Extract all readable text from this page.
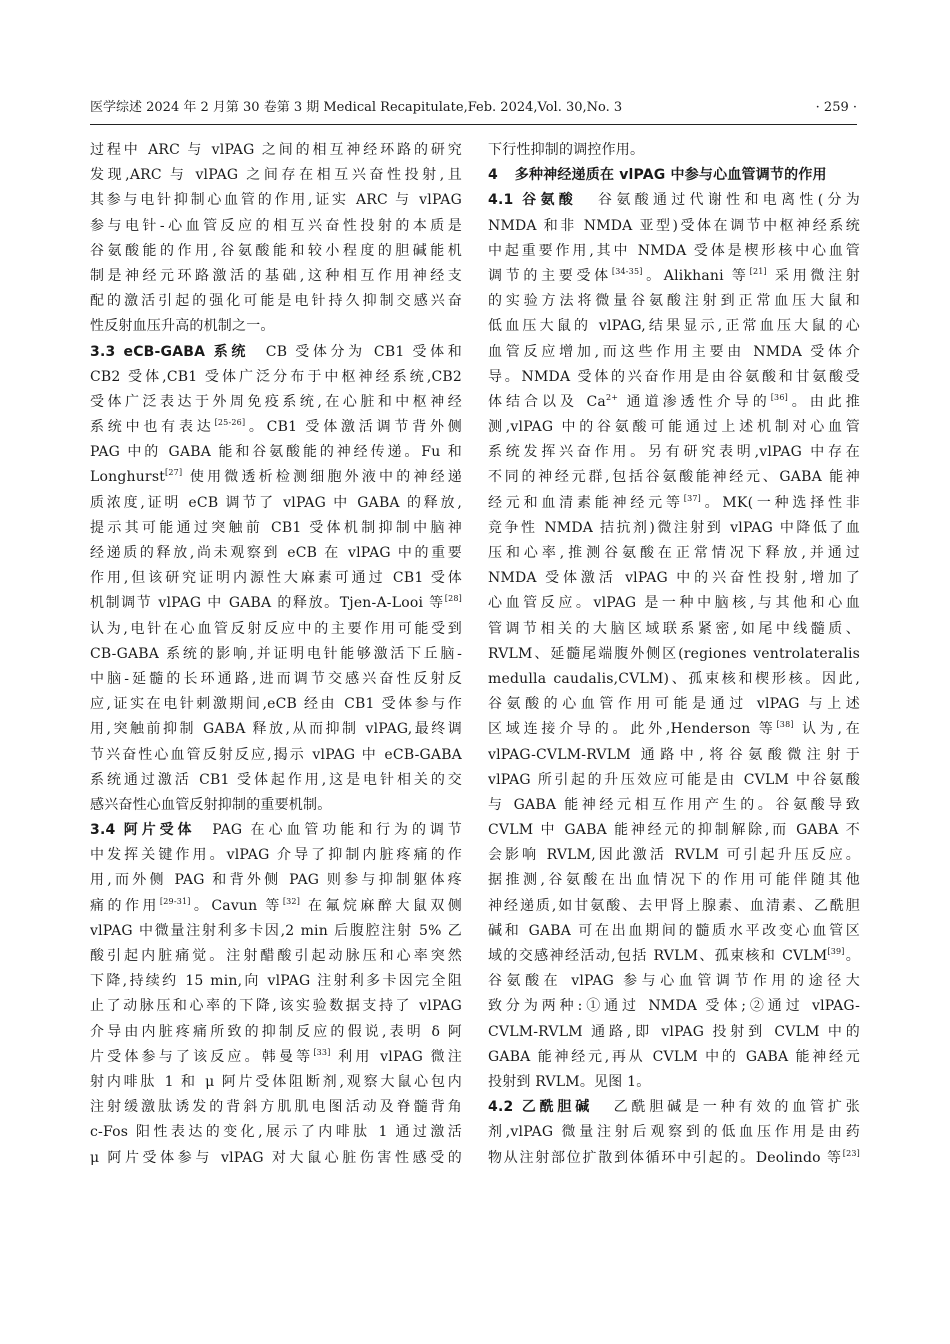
医学综述 2024 年 2 月第 30 卷第 3 期 Medical Recapitulate,Feb. 2024,Vol. 30,No. 3	· 259 ·
过程中 ARC 与 vlPAG 之间的相互神经环路的研究
发现,ARC 与 vlPAG 之间存在相互兴奋性投射,且
其参与电针抑制心血管的作用,证实 ARC 与 vlPAG
参与电针-心血管反应的相互兴奋性投射的本质是
谷氨酸能的作用,谷氨酸能和较小程度的胆碱能机
制是神经元环路激活的基础,这种相互作用神经支
配的激活引起的强化可能是电针持久抑制交感兴奋
性反射血压升高的机制之一。
3.3 eCB-GABA 系统 CB 受体分为 CB1 受体和
CB2 受体,CB1 受体广泛分布于中枢神经系统,CB2
受体广泛表达于外周免疫系统,在心脏和中枢神经
系统中也有表达[25-26]。CB1 受体激活调节背外侧
PAG 中的 GABA 能和谷氨酸能的神经传递。Fu 和
Longhurst[27] 使用微透析检测细胞外液中的神经递
质浓度,证明 eCB 调节了 vlPAG 中 GABA 的释放,
提示其可能通过突触前 CB1 受体机制抑制中脑神
经递质的释放,尚未观察到 eCB 在 vlPAG 中的重要
作用,但该研究证明内源性大麻素可通过 CB1 受体
机制调节 vlPAG 中 GABA 的释放。Tjen-A-Looi 等[28]
认为,电针在心血管反射反应中的主要作用可能受到
CB-GABA 系统的影响,并证明电针能够激活下丘脑-
中脑-延髓的长环通路,进而调节交感兴奋性反射反
应,证实在电针刺激期间,eCB 经由 CB1 受体参与作
用,突触前抑制 GABA 释放,从而抑制 vlPAG,最终调
节兴奋性心血管反射反应,揭示 vlPAG 中 eCB-GABA
系统通过激活 CB1 受体起作用,这是电针相关的交
感兴奋性心血管反射抑制的重要机制。
3.4 阿片受体 PAG 在心血管功能和行为的调节
中发挥关键作用。vlPAG 介导了抑制内脏疼痛的作
用,而外侧 PAG 和背外侧 PAG 则参与抑制躯体疼
痛的作用[29-31]。Cavun 等[32] 在氟烷麻醉大鼠双侧
vlPAG 中微量注射利多卡因,2 min 后腹腔注射 5% 乙
酸引起内脏痛觉。注射醋酸引起动脉压和心率突然
下降,持续约 15 min,向 vlPAG 注射利多卡因完全阻
止了动脉压和心率的下降,该实验数据支持了 vlPAG
介导由内脏疼痛所致的抑制反应的假说,表明 δ 阿
片受体参与了该反应。韩曼等[33] 利用 vlPAG 微注
射内啡肽 1 和 μ 阿片受体阻断剂,观察大鼠心包内
注射缓激肽诱发的背斜方肌肌电图活动及脊髓背角
c-Fos 阳性表达的变化,展示了内啡肽 1 通过激活
μ 阿片受体参与 vlPAG 对大鼠心脏伤害性感受的
下行性抑制的调控作用。
4 多种神经递质在 vlPAG 中参与心血管调节的作用
4.1 谷氨酸 谷氨酸通过代谢性和电离性(分为
NMDA 和非 NMDA 亚型)受体在调节中枢神经系统
中起重要作用,其中 NMDA 受体是楔形核中心血管
调节的主要受体[34-35]。Alikhani 等[21] 采用微注射
的实验方法将微量谷氨酸注射到正常血压大鼠和
低血压大鼠的 vlPAG,结果显示,正常血压大鼠的心
血管反应增加,而这些作用主要由 NMDA 受体介
导。NMDA 受体的兴奋作用是由谷氨酸和甘氨酸受
体结合以及 $Ca^{2+}$ 通道渗透性介导的[36]。由此推
测,vlPAG 中的谷氨酸可能通过上述机制对心血管
系统发挥兴奋作用。另有研究表明,vlPAG 中存在
不同的神经元群,包括谷氨酸能神经元、GABA 能神
经元和血清素能神经元等[37]。MK(一种选择性非
竞争性 NMDA 拮抗剂)微注射到 vlPAG 中降低了血
压和心率,推测谷氨酸在正常情况下释放,并通过
NMDA 受体激活 vlPAG 中的兴奋性投射,增加了
心血管反应。vlPAG 是一种中脑核,与其他和心血
管调节相关的大脑区域联系紧密,如尾中线髓质、
RVLM、延髓尾端腹外侧区(regiones ventrolateralis
medulla caudalis,CVLM)、孤束核和楔形核。因此,
谷氨酸的心血管作用可能是通过 vlPAG 与上述
区域连接介导的。此外,Henderson 等[38] 认为,在
vlPAG-CVLM-RVLM 通路中,将谷氨酸微注射于
vlPAG 所引起的升压效应可能是由 CVLM 中谷氨酸
与 GABA 能神经元相互作用产生的。谷氨酸导致
CVLM 中 GABA 能神经元的抑制解除,而 GABA 不
会影响 RVLM,因此激活 RVLM 可引起升压反应。
据推测,谷氨酸在出血情况下的作用可能伴随其他
神经递质,如甘氨酸、去甲肾上腺素、血清素、乙酰胆
碱和 GABA 可在出血期间的髓质水平改变心血管区
域的交感神经活动,包括 RVLM、孤束核和 CVLM[39]。
谷氨酸在 vlPAG 参与心血管调节作用的途径大
致分为两种:①通过 NMDA 受体;②通过 vlPAG-
CVLM-RVLM 通路,即 vlPAG 投射到 CVLM 中的
GABA 能神经元,再从 CVLM 中的 GABA 能神经元
投射到 RVLM。见图 1。
4.2 乙酰胆碱 乙酰胆碱是一种有效的血管扩张
剂,vlPAG 微量注射后观察到的低血压作用是由药
物从注射部位扩散到体循环中引起的。Deolindo 等[23]
